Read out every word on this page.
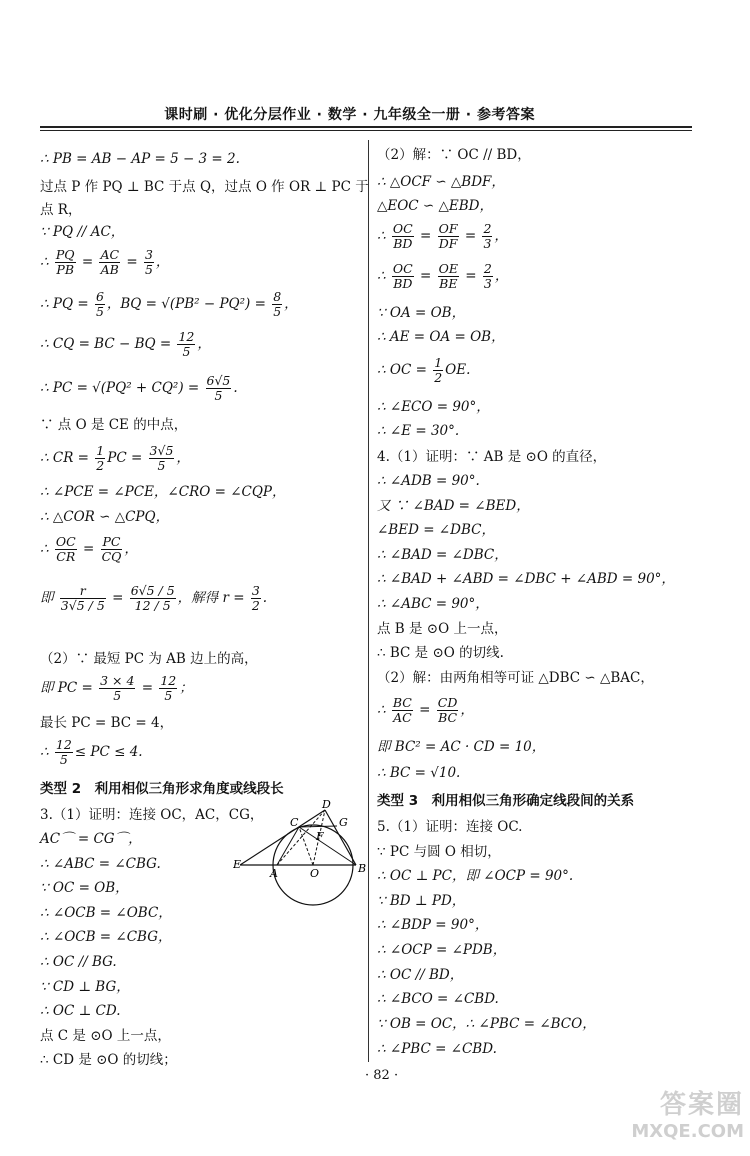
课时刷 · 优化分层作业 · 数学 · 九年级全一册 · 参考答案
∴ PB = AB − AP = 5 − 3 = 2.
过点 P 作 PQ ⊥ BC 于点 Q，过点 O 作 OR ⊥ PC 于
点 R，
∵ PQ // AC，
∴ $\frac{PQ}{PB} = \frac{AC}{AB} = \frac{3}{5}$ ，
∴ PQ = $\frac{6}{5}$ ，BQ = $√(PB^2 - PQ^2) = \frac{8}{5}$ ，
∴ CQ = BC − BQ = $\frac{12}{5}$ ，
∴ PC = $√(PQ^2 + CQ^2) = \frac{6√5}{5}$ .
∵ 点 O 是 CE 的中点，
∴ CR = $\frac{1}{2}$ PC = $\frac{3√5}{5}$ ，
∴ ∠PCE = ∠PCE，∠CRO = ∠CQP，
∴ △COR ∽ △CPQ，
∴ $\frac{OC}{CR} = \frac{PC}{CQ}$ ，
即 $\frac{r}{3√5 / 5} = \frac{6√5 / 5}{12 / 5}$ ，解得 $r = \frac{3}{2}$ .
（2）∵ 最短 PC 为 AB 边上的高，
即 PC = $\frac{3 \times 4}{5} = \frac{12}{5}$ ；
最长 PC = BC = 4，
∴ $\frac{12}{5}$ ≤ PC ≤ 4.
类型 2　利用相似三角形求角度或线段长
3.（1）证明：连接 OC，AC，CG，
AC⌒ = CG⌒，
∴ ∠ABC = ∠CBG.
∵ OC = OB，
∴ ∠OCB = ∠OBC，
∴ ∠OCB = ∠CBG，
∴ OC // BG.
∵ CD ⊥ BG，
∴ OC ⊥ CD.
点 C 是 ⊙O 上一点，
∴ CD 是 ⊙O 的切线；
D
C	G
F
E
A	O	B
（2）解：∵ OC // BD，
∴ △OCF ∽ △BDF，
△EOC ∽ △EBD，
∴ $\frac{OC}{BD} = \frac{OF}{DF} = \frac{2}{3}$ ，
∴ $\frac{OC}{BD} = \frac{OE}{BE} = \frac{2}{3}$ ，
∵ OA = OB，
∴ AE = OA = OB，
∴ OC = $\frac{1}{2}$ OE.
∴ ∠ECO = 90°，
∴ ∠E = 30°.
4.（1）证明：∵ AB 是 ⊙O 的直径，
∴ ∠ADB = 90°.
又 ∵ ∠BAD = ∠BED，
∠BED = ∠DBC，
∴ ∠BAD = ∠DBC，
∴ ∠BAD + ∠ABD = ∠DBC + ∠ABD = 90°，
∴ ∠ABC = 90°，
点 B 是 ⊙O 上一点，
∴ BC 是 ⊙O 的切线.
（2）解：由两角相等可证 △DBC ∽ △BAC，
∴ $\frac{BC}{AC} = \frac{CD}{BC}$ ，
即 BC² = AC · CD = 10，
∴ BC = √10.
类型 3　利用相似三角形确定线段间的关系
5.（1）证明：连接 OC.
∵ PC 与圆 O 相切，
∴ OC ⊥ PC，即 ∠OCP = 90°.
∵ BD ⊥ PD，
∴ ∠BDP = 90°，
∴ ∠OCP = ∠PDB，
∴ OC // BD，
∴ ∠BCO = ∠CBD.
∵ OB = OC，∴ ∠PBC = ∠BCO，
∴ ∠PBC = ∠CBD.
· 82 ·
答案圈
MXQE.COM
